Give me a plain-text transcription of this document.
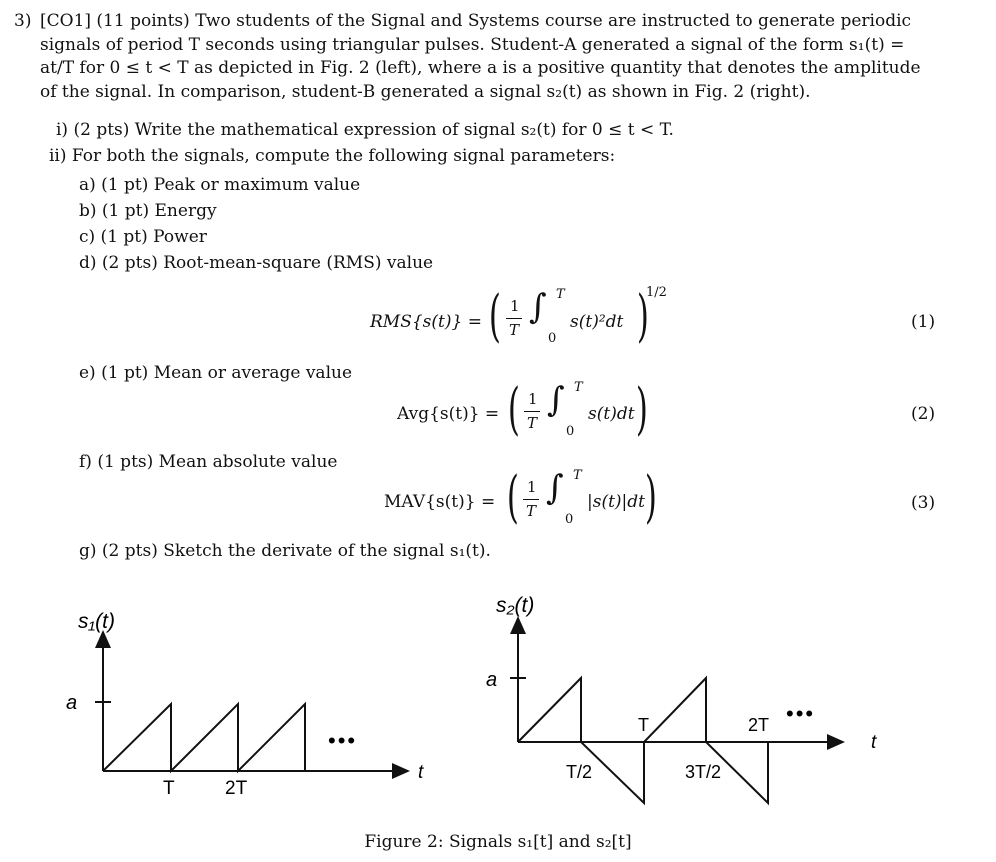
3) [CO1] (11 points) Two students of the Signal and Systems course are instructed to generate periodic signals of period T seconds using triangular pulses. Student-A generated a signal of the form s₁(t) = at/T for 0 ≤ t < T as depicted in Fig. 2 (left), where a is a positive quantity that denotes the amplitude of the signal. In comparison, student-B generated a signal s₂(t) as shown in Fig. 2 (right).
i) (2 pts) Write the mathematical expression of signal s₂(t) for 0 ≤ t < T.
ii) For both the signals, compute the following signal parameters:
a) (1 pt) Peak or maximum value
b) (1 pt) Energy
c) (1 pt) Power
d) (2 pts) Root-mean-square (RMS) value
RMS{s(t)} = ( 1
T
∫ T
0
s(t)²dt )
1/2
(1)
e) (1 pt) Mean or average value
Avg{s(t)} = ( 1
T
∫ T
0
s(t)dt )	(2)
f) (1 pts) Mean absolute value
MAV{s(t)} = ( 1
T
∫ T
0
|s(t)|dt )	(3)
g) (2 pts) Sketch the derivate of the signal s₁(t).
s₁(t)
a
t
T	2T
•••
s₂(t)
a
t
T/2	3T/2
T	2T •••
Figure 2: Signals s₁[t] and s₂[t]
